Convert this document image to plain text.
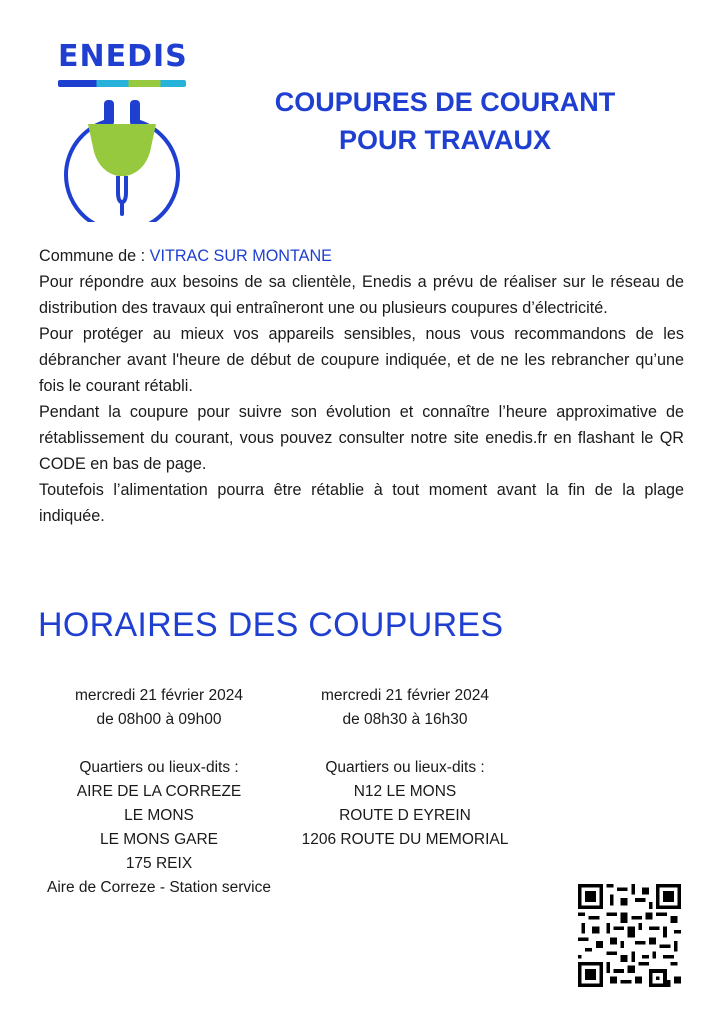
ENEDIS
COUPURES DE COURANT
POUR TRAVAUX

Commune de : VITRAC SUR MONTANE

Pour répondre aux besoins de sa clientèle, Enedis a prévu de réaliser sur le réseau de distribution des travaux qui entraîneront une ou plusieurs coupures d’électricité.

Pour protéger au mieux vos appareils sensibles, nous vous recommandons de les débrancher avant l'heure de début de coupure indiquée, et de ne les rebrancher qu’une fois le courant rétabli.

Pendant la coupure pour suivre son évolution et connaître l’heure approximative de rétablissement du courant, vous pouvez consulter notre site enedis.fr en flashant le QR CODE en bas de page.

Toutefois l’alimentation pourra être rétablie à tout moment avant la fin de la plage indiquée.

HORAIRES DES COUPURES

mercredi 21 février 2024

de 08h00 à 09h00

Quartiers ou lieux-dits :

AIRE DE LA CORREZE

LE MONS

LE MONS GARE

175 REIX

Aire de Correze - Station service

mercredi 21 février 2024

de 08h30 à 16h30

Quartiers ou lieux-dits :

N12 LE MONS

ROUTE D EYREIN

1206 ROUTE DU MEMORIAL
